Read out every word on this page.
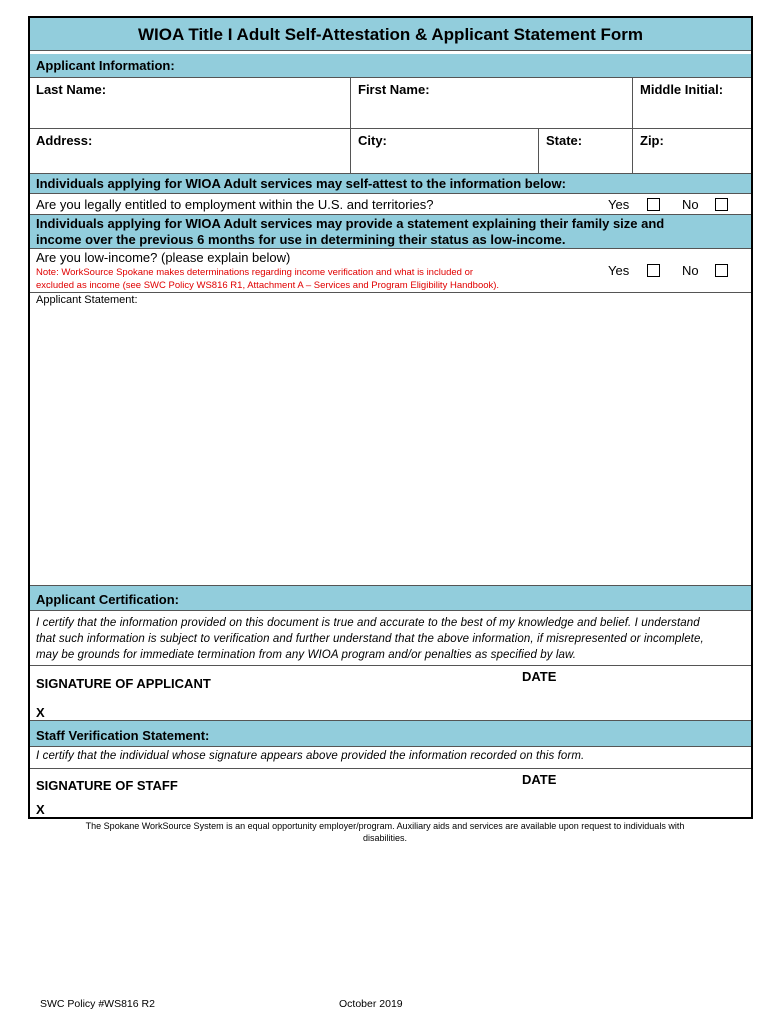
WIOA Title I Adult Self-Attestation & Applicant Statement Form
Applicant Information:
Last Name:	First Name:	Middle Initial:
Address:	City:	State:	Zip:
Individuals applying for WIOA Adult services may self-attest to the information below:
Are you legally entitled to employment within the U.S. and territories?	Yes	No
Individuals applying for WIOA Adult services may provide a statement explaining their family size and
income over the previous 6 months for use in determining their status as low-income.
Are you low-income? (please explain below)
Note: WorkSource Spokane makes determinations regarding income verification and what is included or
excluded as income (see SWC Policy WS816 R1, Attachment A – Services and Program Eligibility Handbook).
Yes	No
Applicant Statement:
Applicant Certification:
I certify that the information provided on this document is true and accurate to the best of my knowledge and belief. I understand
that such information is subject to verification and further understand that the above information, if misrepresented or incomplete,
may be grounds for immediate termination from any WIOA program and/or penalties as specified by law.
SIGNATURE OF APPLICANT	DATE
X
Staff Verification Statement:
I certify that the individual whose signature appears above provided the information recorded on this form.
SIGNATURE OF STAFF	DATE
X
The Spokane WorkSource System is an equal opportunity employer/program. Auxiliary aids and services are available upon request to individuals with
disabilities.
SWC Policy #WS816 R2	October 2019
